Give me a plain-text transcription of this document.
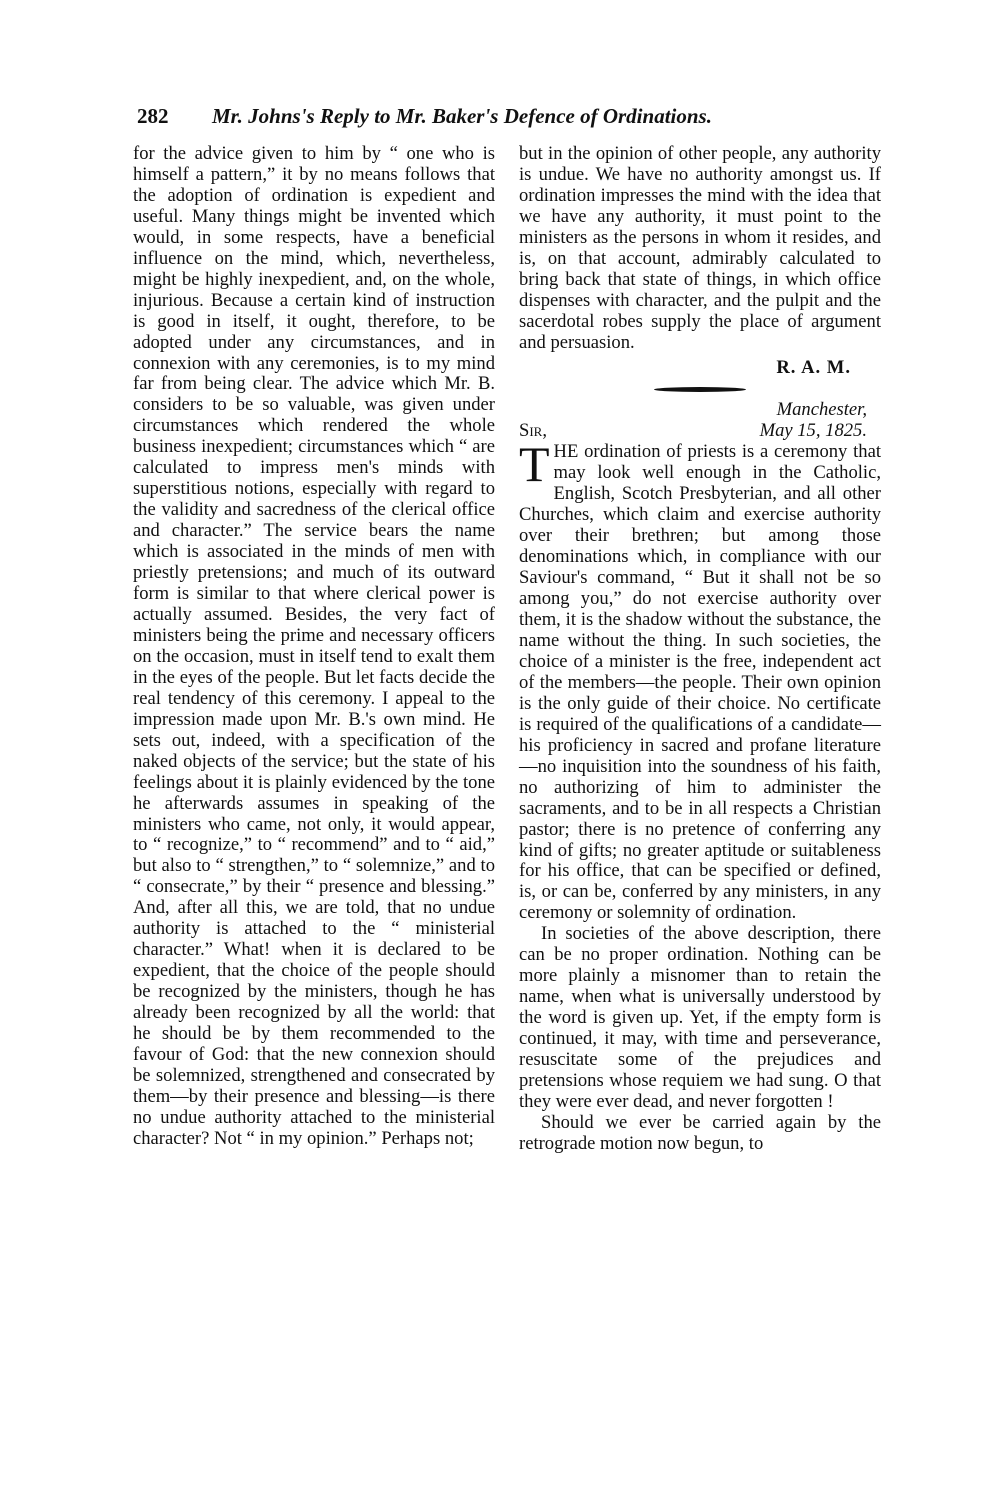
282 Mr. Johns's Reply to Mr. Baker's Defence of Ordinations.

for the advice given to him by “ one who is himself a pattern,” it by no means follows that the adoption of ordination is expedient and useful. Many things might be invented which would, in some respects, have a beneficial influence on the mind, which, nevertheless, might be highly inexpedient, and, on the whole, injurious. Because a certain kind of instruction is good in itself, it ought, therefore, to be adopted under any circumstances, and in connexion with any ceremonies, is to my mind far from being clear. The advice which Mr. B. considers to be so valuable, was given under circumstances which rendered the whole business inexpedient; circumstances which “ are calculated to impress men's minds with superstitious notions, especially with regard to the validity and sacredness of the clerical office and character.” The service bears the name which is associated in the minds of men with priestly pretensions; and much of its outward form is similar to that where clerical power is actually assumed. Besides, the very fact of ministers being the prime and necessary officers on the occasion, must in itself tend to exalt them in the eyes of the people. But let facts decide the real tendency of this ceremony. I appeal to the impression made upon Mr. B.'s own mind. He sets out, indeed, with a specification of the naked objects of the service; but the state of his feelings about it is plainly evidenced by the tone he afterwards assumes in speaking of the ministers who came, not only, it would appear, to “ recognize,” to “ recommend” and to “ aid,” but also to “ strengthen,” to “ solemnize,” and to “ consecrate,” by their “ presence and blessing.” And, after all this, we are told, that no undue authority is attached to the “ ministerial character.” What! when it is declared to be expedient, that the choice of the people should be recognized by the ministers, though he has already been recognized by all the world: that he should be by them recommended to the favour of God: that the new connexion should be solemnized, strengthened and consecrated by them—by their presence and blessing—is there no undue authority attached to the ministerial character? Not “ in my opinion.” Perhaps not;

but in the opinion of other people, any authority is undue. We have no authority amongst us. If ordination impresses the mind with the idea that we have any authority, it must point to the ministers as the persons in whom it resides, and is, on that account, admirably calculated to bring back that state of things, in which office dispenses with character, and the pulpit and the sacerdotal robes supply the place of argument and persuasion.

R. A. M.

Manchester,

Sir,	May 15, 1825.

THE ordination of priests is a ceremony that may look well enough in the Catholic, English, Scotch Presbyterian, and all other Churches, which claim and exercise authority over their brethren; but among those denominations which, in compliance with our Saviour's command, “ But it shall not be so among you,” do not exercise authority over them, it is the shadow without the substance, the name without the thing. In such societies, the choice of a minister is the free, independent act of the members—the people. Their own opinion is the only guide of their choice. No certificate is required of the qualifications of a candidate—his proficiency in sacred and profane literature—no inquisition into the soundness of his faith, no authorizing of him to administer the sacraments, and to be in all respects a Christian pastor; there is no pretence of conferring any kind of gifts; no greater aptitude or suitableness for his office, that can be specified or defined, is, or can be, conferred by any ministers, in any ceremony or solemnity of ordination.

In societies of the above description, there can be no proper ordination. Nothing can be more plainly a misnomer than to retain the name, when what is universally understood by the word is given up. Yet, if the empty form is continued, it may, with time and perseverance, resuscitate some of the prejudices and pretensions whose requiem we had sung. O that they were ever dead, and never forgotten !

Should we ever be carried again by the retrograde motion now begun, to
